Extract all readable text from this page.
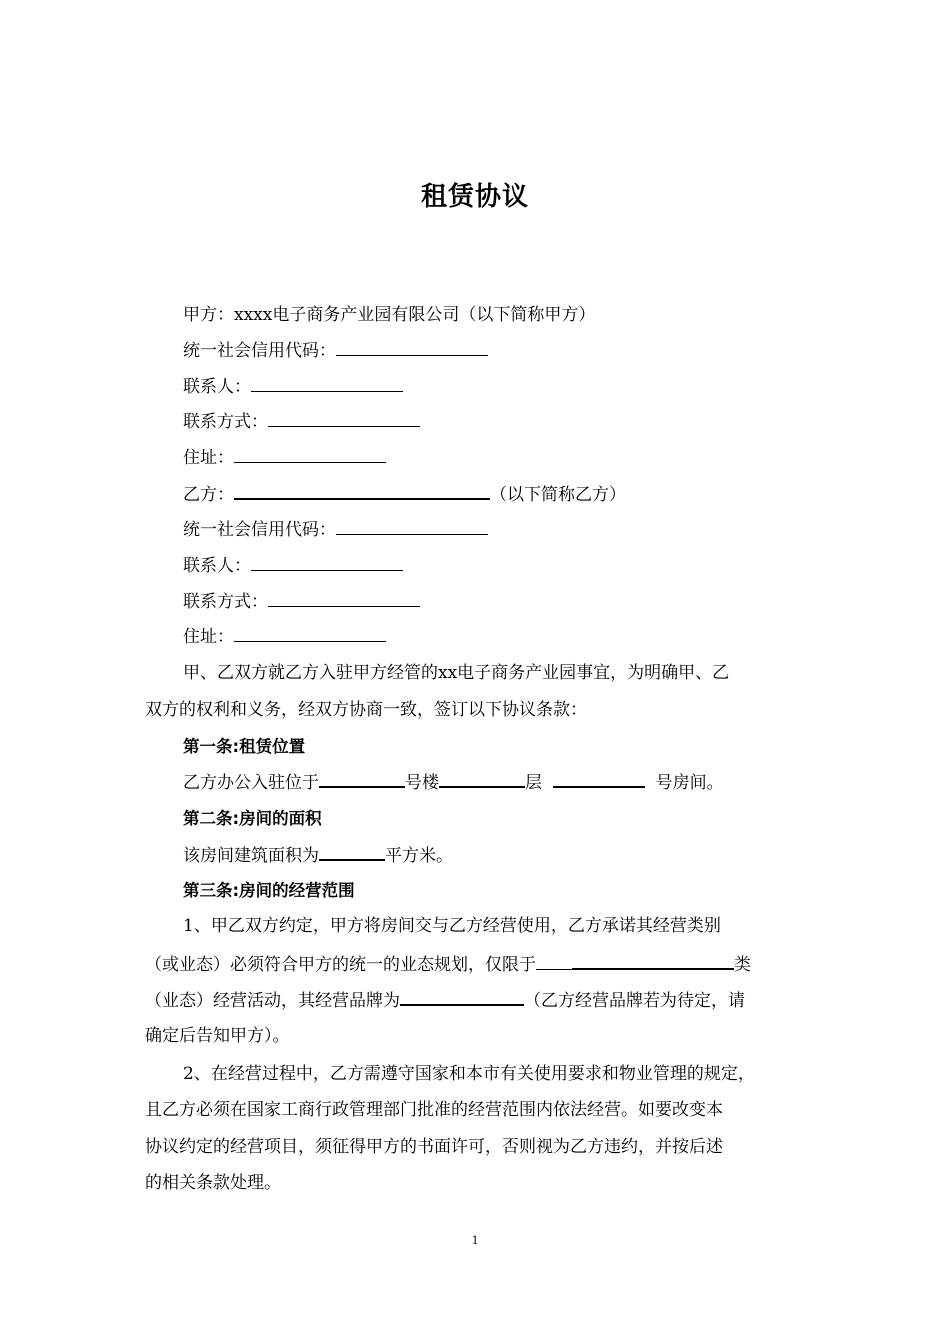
租赁协议
甲方：xxxx电子商务产业园有限公司（以下简称甲方）
统一社会信用代码：
联系人：
联系方式：
住址：
乙方：	（以下简称乙方）
统一社会信用代码：
联系人：
联系方式：
住址：
甲、乙双方就乙方入驻甲方经管的xx电子商务产业园事宜，为明确甲、乙
双方的权利和义务，经双方协商一致，签订以下协议条款：
第一条:租赁位置
乙方办公入驻位于	号楼	层	号房间。
第二条:房间的面积
该房间建筑面积为	平方米。
第三条:房间的经营范围
1、甲乙双方约定，甲方将房间交与乙方经营使用，乙方承诺其经营类别
（或业态）必须符合甲方的统一的业态规划，仅限于	类
（业态）经营活动，其经营品牌为	（乙方经营品牌若为待定，请
确定后告知甲方）。
2、在经营过程中，乙方需遵守国家和本市有关使用要求和物业管理的规定，
且乙方必须在国家工商行政管理部门批准的经营范围内依法经营。如要改变本
协议约定的经营项目，须征得甲方的书面许可，否则视为乙方违约，并按后述
的相关条款处理。
1
